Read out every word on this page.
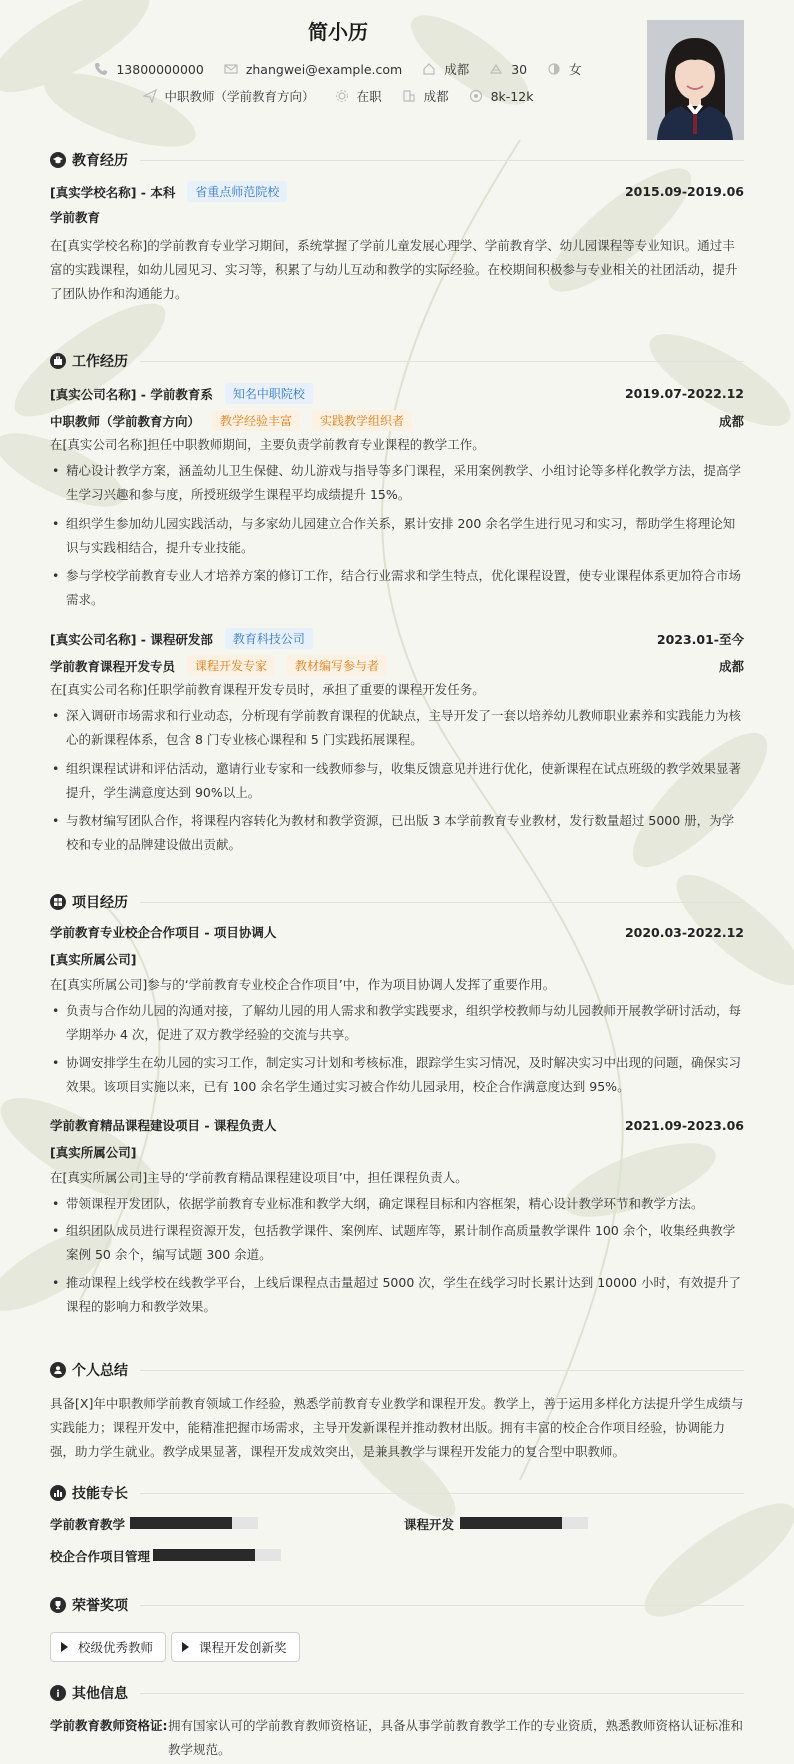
简小历
13800000000	zhangwei@example.com	成都	30	女
中职教师（学前教育方向）	在职	成都	8k-12k
教育经历
[真实学校名称] - 本科	省重点师范院校	2015.09-2019.06
学前教育
在[真实学校名称]的学前教育专业学习期间，系统掌握了学前儿童发展心理学、学前教育学、幼儿园课程等专业知识。通过丰富的实践课程，如幼儿园见习、实习等，积累了与幼儿互动和教学的实际经验。在校期间积极参与专业相关的社团活动，提升了团队协作和沟通能力。
工作经历
[真实公司名称] - 学前教育系	知名中职院校	2019.07-2022.12
中职教师（学前教育方向）	教学经验丰富	实践教学组织者	成都
在[真实公司名称]担任中职教师期间，主要负责学前教育专业课程的教学工作。
• 精心设计教学方案，涵盖幼儿卫生保健、幼儿游戏与指导等多门课程，采用案例教学、小组讨论等多样化教学方法，提高学生学习兴趣和参与度，所授班级学生课程平均成绩提升 15%。
• 组织学生参加幼儿园实践活动，与多家幼儿园建立合作关系，累计安排 200 余名学生进行见习和实习，帮助学生将理论知识与实践相结合，提升专业技能。
• 参与学校学前教育专业人才培养方案的修订工作，结合行业需求和学生特点，优化课程设置，使专业课程体系更加符合市场需求。
[真实公司名称] - 课程研发部	教育科技公司	2023.01-至今
学前教育课程开发专员	课程开发专家	教材编写参与者	成都
在[真实公司名称]任职学前教育课程开发专员时，承担了重要的课程开发任务。
• 深入调研市场需求和行业动态，分析现有学前教育课程的优缺点，主导开发了一套以培养幼儿教师职业素养和实践能力为核心的新课程体系，包含 8 门专业核心课程和 5 门实践拓展课程。
• 组织课程试讲和评估活动，邀请行业专家和一线教师参与，收集反馈意见并进行优化，使新课程在试点班级的教学效果显著提升，学生满意度达到 90%以上。
• 与教材编写团队合作，将课程内容转化为教材和教学资源，已出版 3 本学前教育专业教材，发行数量超过 5000 册，为学校和专业的品牌建设做出贡献。
项目经历
学前教育专业校企合作项目 - 项目协调人	2020.03-2022.12
[真实所属公司]
在[真实所属公司]参与的‘学前教育专业校企合作项目’中，作为项目协调人发挥了重要作用。
• 负责与合作幼儿园的沟通对接，了解幼儿园的用人需求和教学实践要求，组织学校教师与幼儿园教师开展教学研讨活动，每学期举办 4 次，促进了双方教学经验的交流与共享。
• 协调安排学生在幼儿园的实习工作，制定实习计划和考核标准，跟踪学生实习情况，及时解决实习中出现的问题，确保实习效果。该项目实施以来，已有 100 余名学生通过实习被合作幼儿园录用，校企合作满意度达到 95%。
学前教育精品课程建设项目 - 课程负责人	2021.09-2023.06
[真实所属公司]
在[真实所属公司]主导的‘学前教育精品课程建设项目’中，担任课程负责人。
• 带领课程开发团队，依据学前教育专业标准和教学大纲，确定课程目标和内容框架，精心设计教学环节和教学方法。
• 组织团队成员进行课程资源开发，包括教学课件、案例库、试题库等，累计制作高质量教学课件 100 余个，收集经典教学案例 50 余个，编写试题 300 余道。
• 推动课程上线学校在线教学平台，上线后课程点击量超过 5000 次，学生在线学习时长累计达到 10000 小时，有效提升了课程的影响力和教学效果。
个人总结
具备[X]年中职教师学前教育领域工作经验，熟悉学前教育专业教学和课程开发。教学上，善于运用多样化方法提升学生成绩与实践能力；课程开发中，能精准把握市场需求，主导开发新课程并推动教材出版。拥有丰富的校企合作项目经验，协调能力强，助力学生就业。教学成果显著，课程开发成效突出，是兼具教学与课程开发能力的复合型中职教师。
技能专长
学前教育教学	课程开发
校企合作项目管理
荣誉奖项
校级优秀教师	课程开发创新奖
其他信息
学前教育教师资格证: 拥有国家认可的学前教育教师资格证，具备从事学前教育教学工作的专业资质，熟悉教师资格认证标准和教学规范。
